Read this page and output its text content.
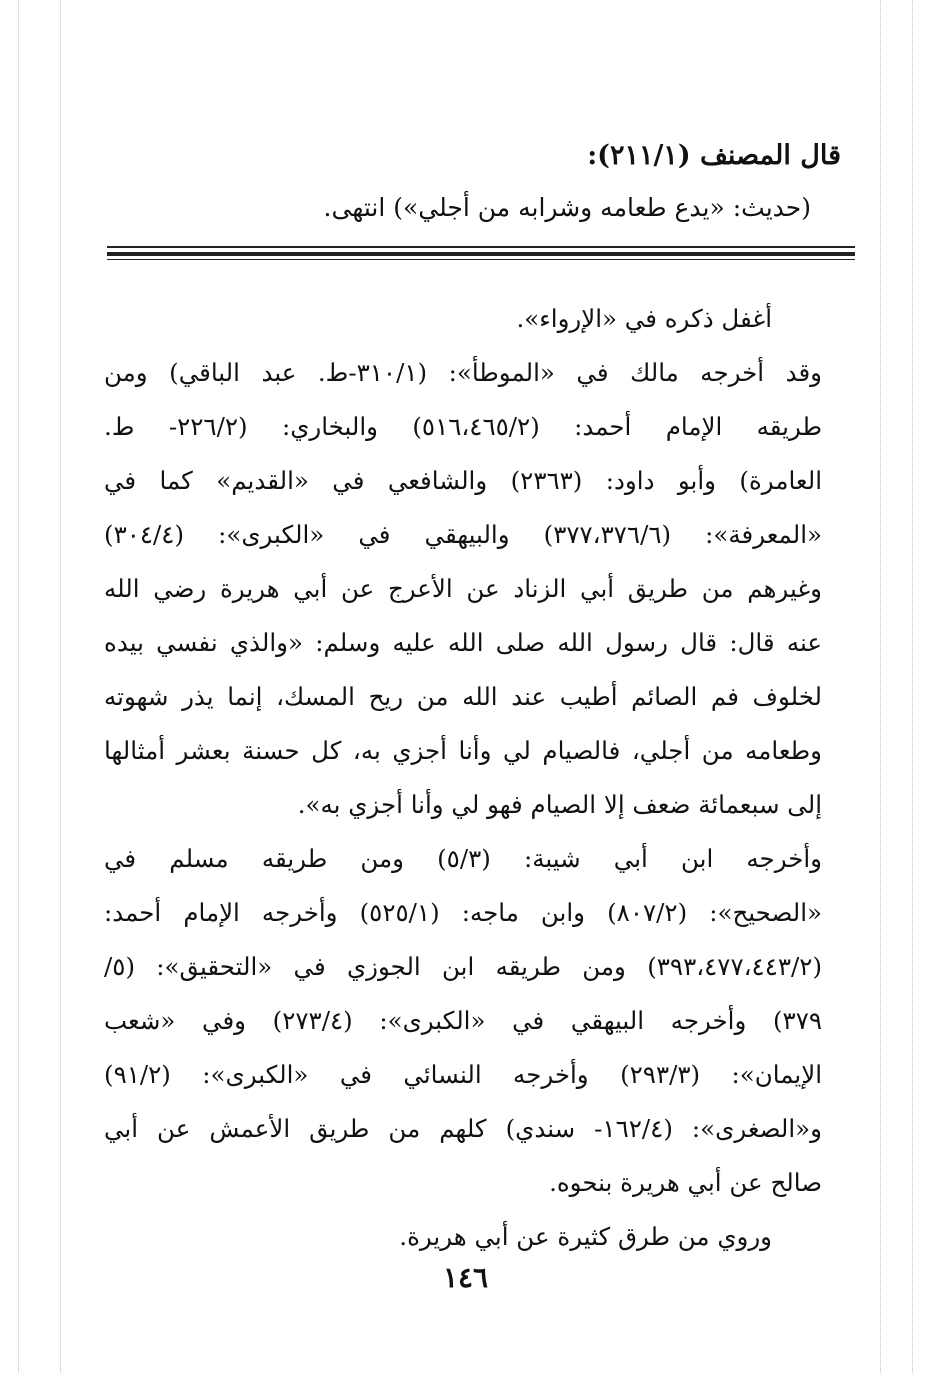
قال المصنف (٢١١/١):
(حديث: «يدع طعامه وشرابه من أجلي») انتهى.
أغفل ذكره في «الإرواء».
وقد أخرجه مالك في «الموطأ»: (٣١٠/١-ط. عبد الباقي) ومن
طريقه الإمام أحمد: (٥١٦،٤٦٥/٢) والبخاري: (٢٢٦/٢- ط.
العامرة) وأبو داود: (٢٣٦٣) والشافعي في «القديم» كما في
«المعرفة»: (٣٧٧،٣٧٦/٦) والبيهقي في «الكبرى»: (٣٠٤/٤)
وغيرهم من طريق أبي الزناد عن الأعرج عن أبي هريرة رضي الله
عنه قال: قال رسول الله صلى الله عليه وسلم: «والذي نفسي بيده
لخلوف فم الصائم أطيب عند الله من ريح المسك، إنما يذر شهوته
وطعامه من أجلي، فالصيام لي وأنا أجزي به، كل حسنة بعشر أمثالها
إلى سبعمائة ضعف إلا الصيام فهو لي وأنا أجزي به».
وأخرجه ابن أبي شيبة: (٥/٣) ومن طريقه مسلم في
«الصحيح»: (٨٠٧/٢) وابن ماجه: (٥٢٥/١) وأخرجه الإمام أحمد:
(٣٩٣،٤٧٧،٤٤٣/٢) ومن طريقه ابن الجوزي في «التحقيق»: (٥/
٣٧٩) وأخرجه البيهقي في «الكبرى»: (٢٧٣/٤) وفي «شعب
الإيمان»: (٢٩٣/٣) وأخرجه النسائي في «الكبرى»: (٩١/٢)
و«الصغرى»: (١٦٢/٤- سندي) كلهم من طريق الأعمش عن أبي
صالح عن أبي هريرة بنحوه.
وروي من طرق كثيرة عن أبي هريرة.
١٤٦
